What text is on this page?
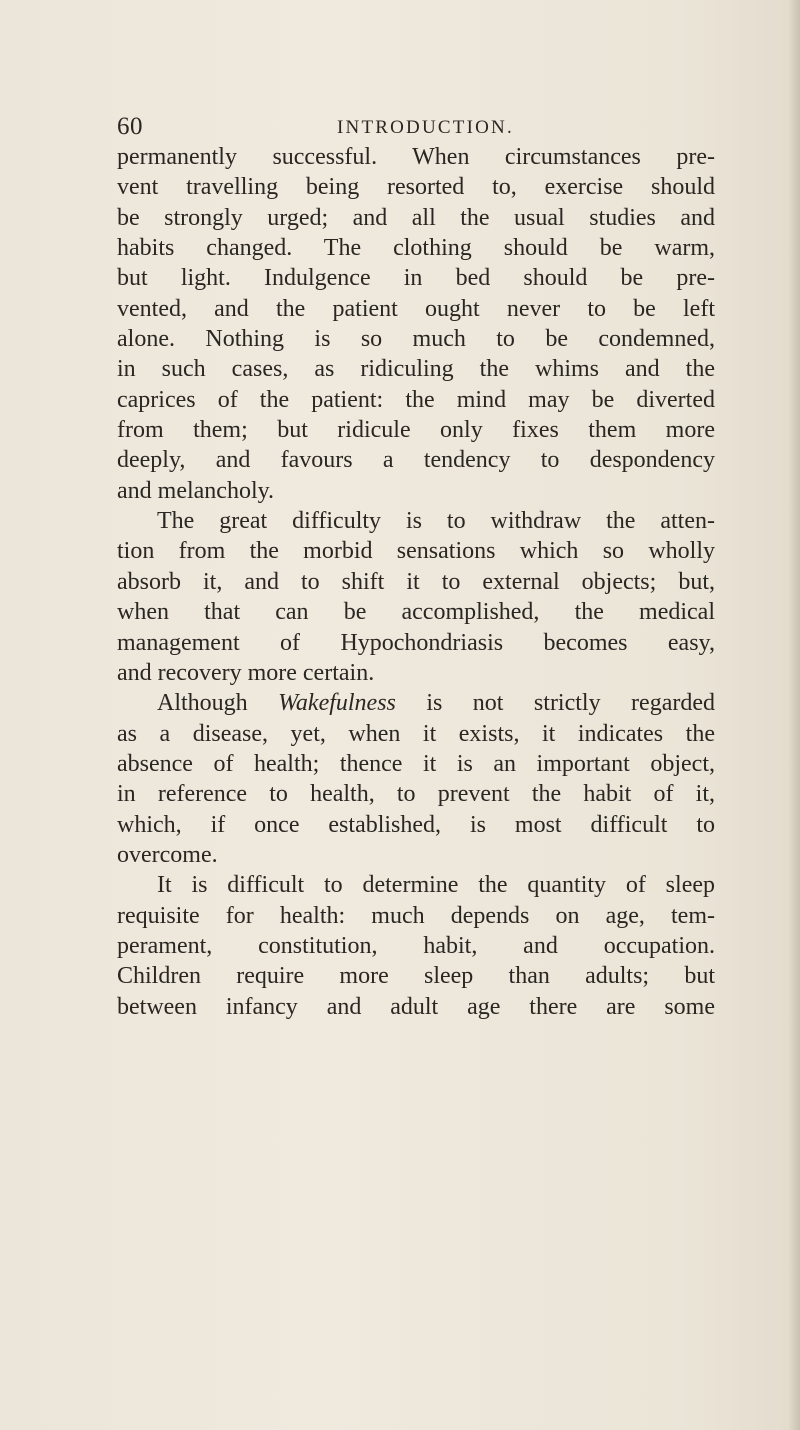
60	INTRODUCTION.
permanently successful. When circumstances pre-
vent travelling being resorted to, exercise should
be strongly urged; and all the usual studies and
habits changed. The clothing should be warm,
but light. Indulgence in bed should be pre-
vented, and the patient ought never to be left
alone. Nothing is so much to be condemned,
in such cases, as ridiculing the whims and the
caprices of the patient: the mind may be diverted
from them; but ridicule only fixes them more
deeply, and favours a tendency to despondency
and melancholy.
The great difficulty is to withdraw the atten-
tion from the morbid sensations which so wholly
absorb it, and to shift it to external objects; but,
when that can be accomplished, the medical
management of Hypochondriasis becomes easy,
and recovery more certain.
Although Wakefulness is not strictly regarded
as a disease, yet, when it exists, it indicates the
absence of health; thence it is an important object,
in reference to health, to prevent the habit of it,
which, if once established, is most difficult to
overcome.
It is difficult to determine the quantity of sleep
requisite for health: much depends on age, tem-
perament, constitution, habit, and occupation.
Children require more sleep than adults; but
between infancy and adult age there are some
